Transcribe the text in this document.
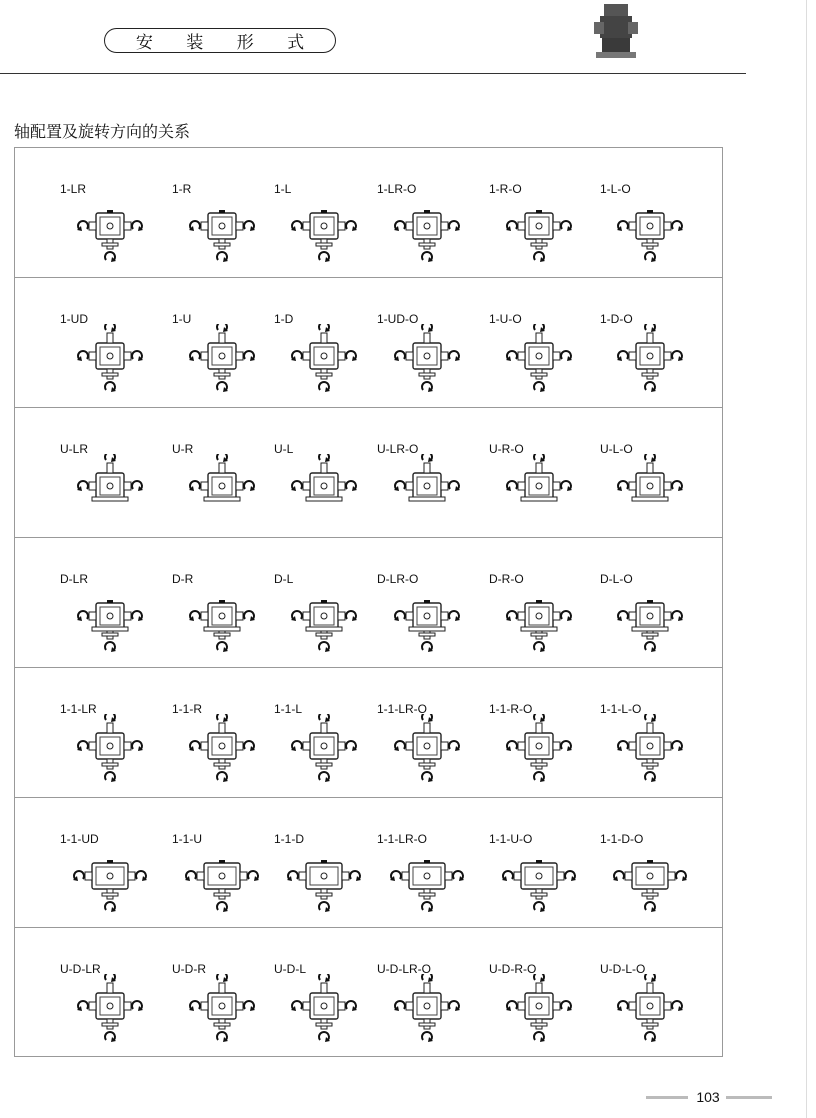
安 装 形 式
轴配置及旋转方向的关系
1-LR	1-R	1-L	1-LR-O	1-R-O	1-L-O
1-UD	1-U	1-D	1-UD-O	1-U-O	1-D-O
U-LR	U-R	U-L	U-LR-O	U-R-O	U-L-O
D-LR	D-R	D-L	D-LR-O	D-R-O	D-L-O
1-1-LR	1-1-R	1-1-L	1-1-LR-O	1-1-R-O	1-1-L-O
1-1-UD	1-1-U	1-1-D	1-1-LR-O	1-1-U-O	1-1-D-O
U-D-LR	U-D-R	U-D-L	U-D-LR-O	U-D-R-O	U-D-L-O
103
